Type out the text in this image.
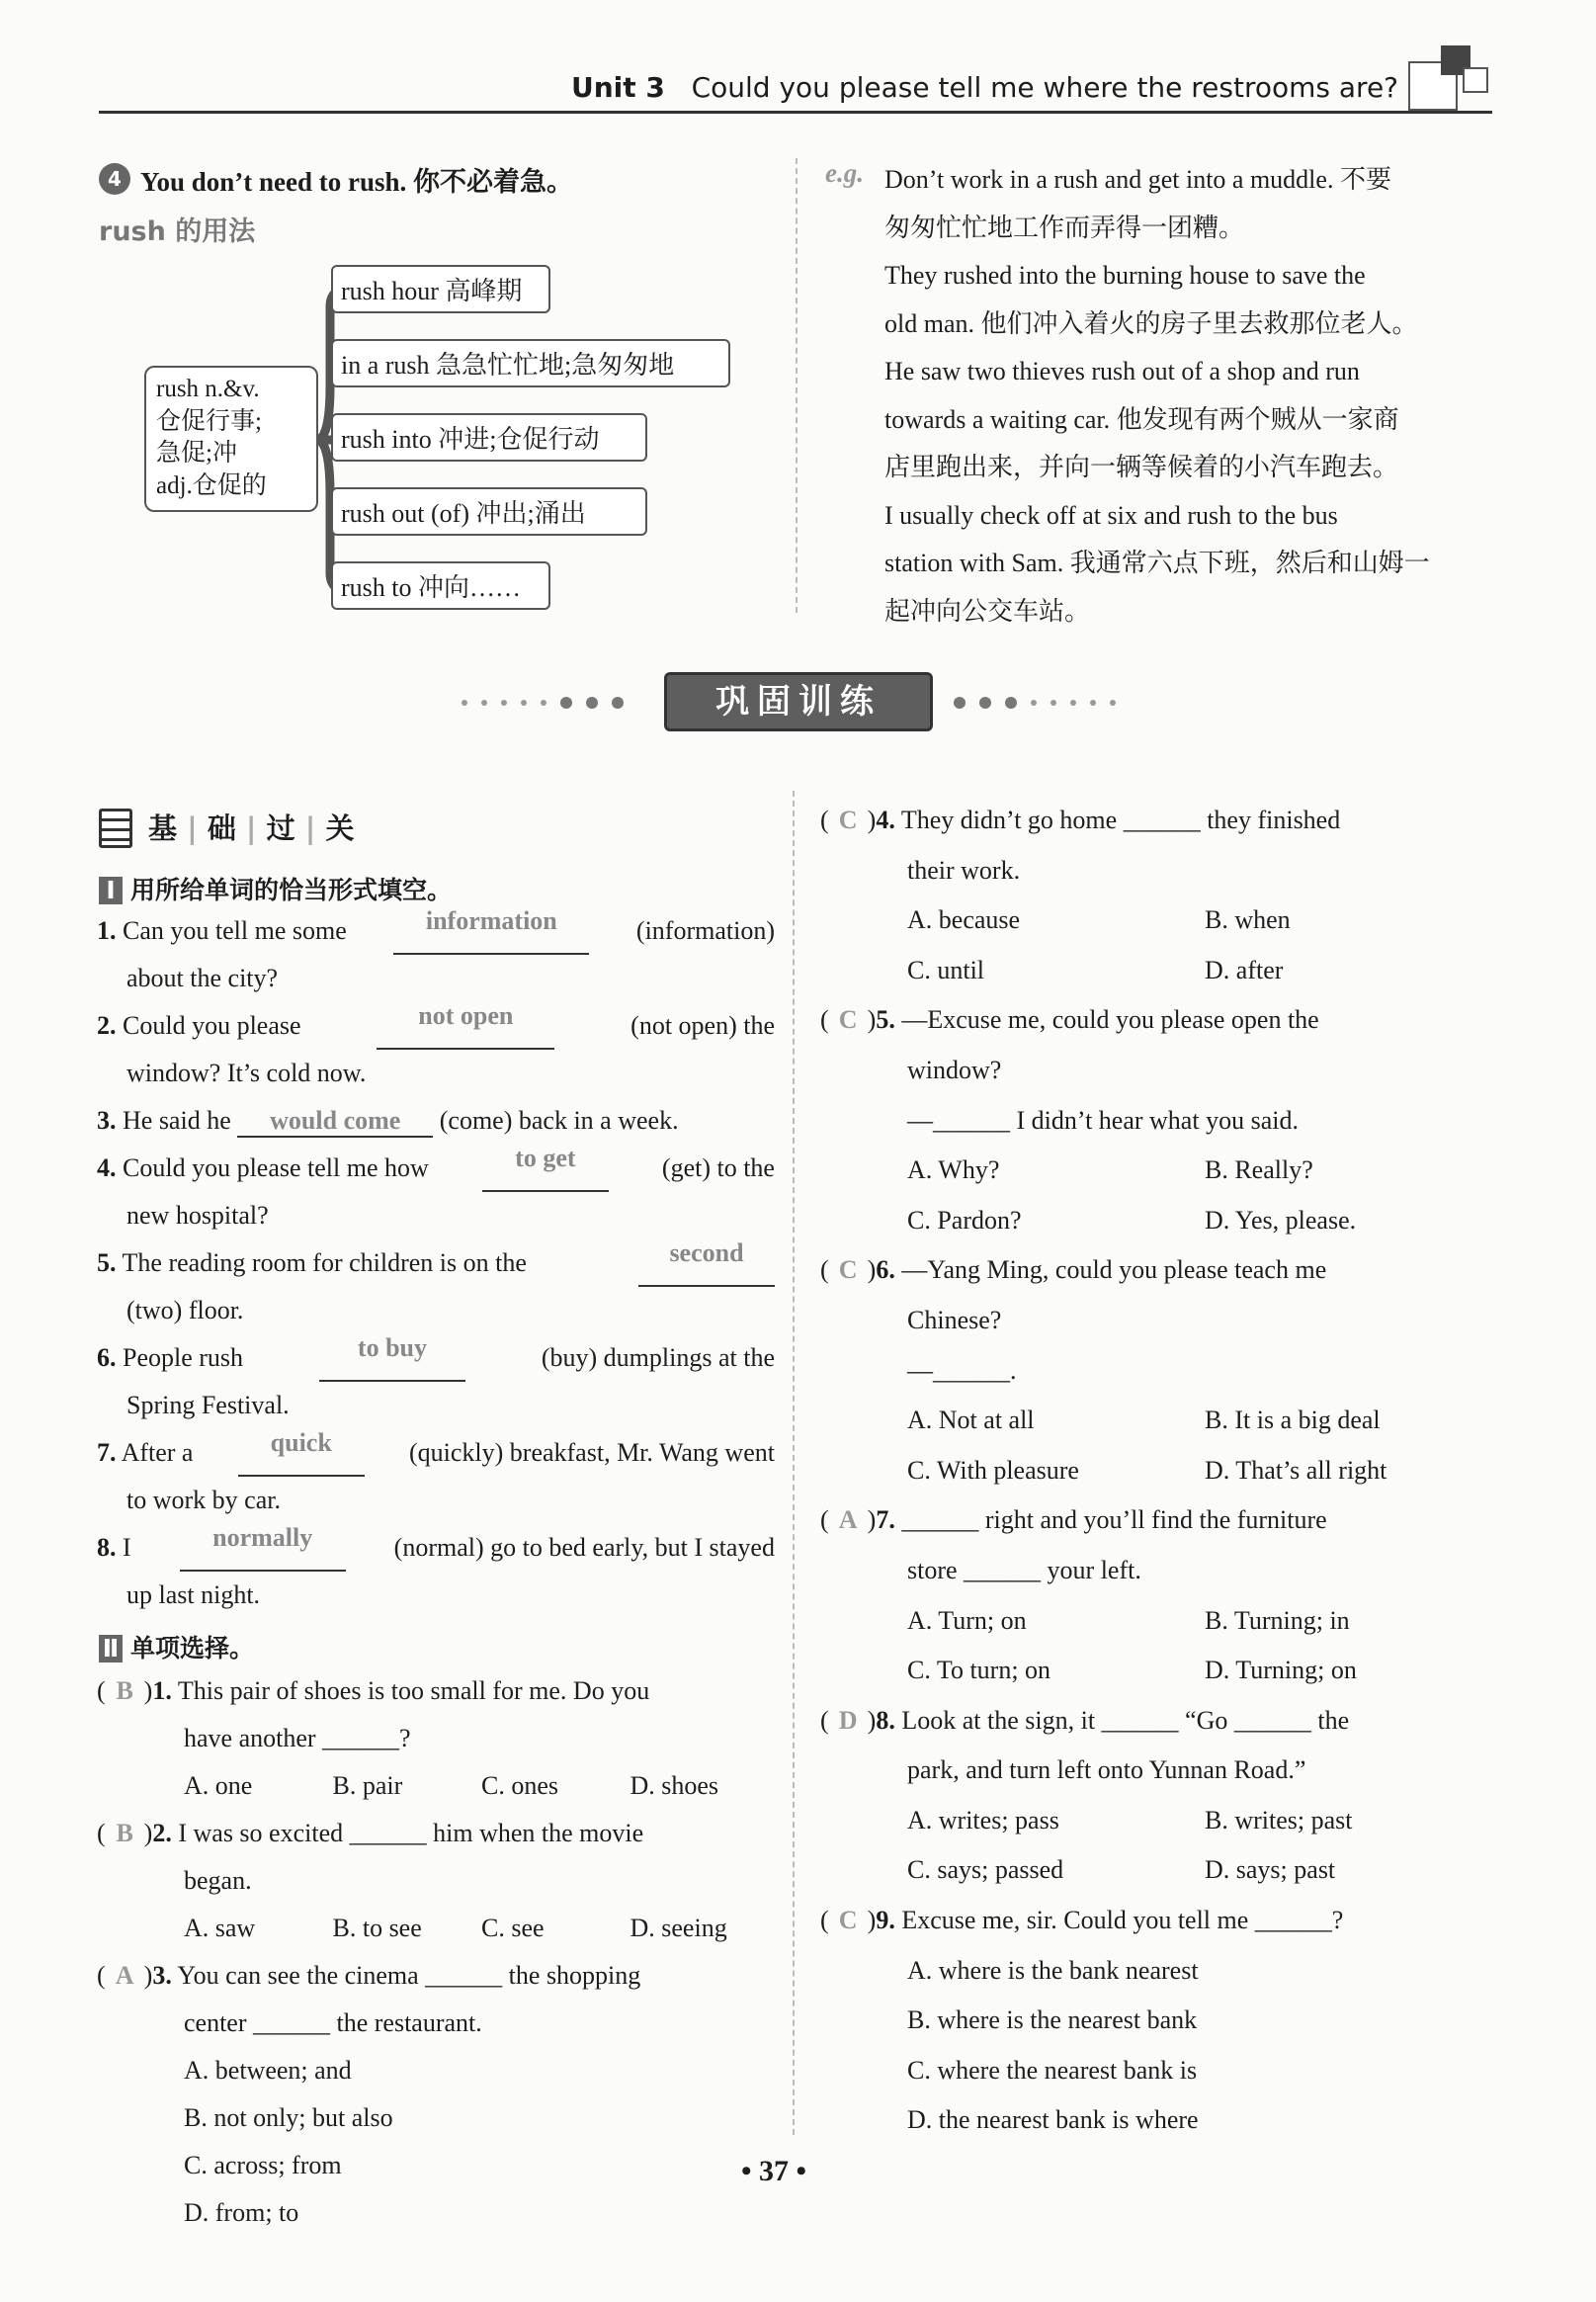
Unit 3 Could you please tell me where the restrooms are?
4 You don’t need to rush. 你不必着急。
rush 的用法
rush n.&v.
仓促行事;
急促;冲
adj.仓促的
rush hour 高峰期
in a rush 急急忙忙地;急匆匆地
rush into 冲进;仓促行动
rush out (of) 冲出;涌出
rush to 冲向……
e.g. Don’t work in a rush and get into a muddle. 不要
匆匆忙忙地工作而弄得一团糟。
They rushed into the burning house to save the
old man. 他们冲入着火的房子里去救那位老人。
He saw two thieves rush out of a shop and run
towards a waiting car. 他发现有两个贼从一家商
店里跑出来，并向一辆等候着的小汽车跑去。
I usually check off at six and rush to the bus
station with Sam. 我通常六点下班，然后和山姆一
起冲向公交车站。
巩固训练
基 | 础 | 过 | 关
Ⅰ 用所给单词的恰当形式填空。
1. Can you tell me some	information	(information)
about the city?
2. Could you please	not open	(not open) the
window? It’s cold now.
3. He said he would come (come) back in a week.
4. Could you please tell me how	to get	(get) to the
new hospital?
5. The reading room for children is on the	second
(two) floor.
6. People rush	to buy	(buy) dumplings at the
Spring Festival.
7. After a	quick	(quickly) breakfast, Mr. Wang went
to work by car.
8. I	normally	(normal) go to bed early, but I stayed
up last night.
Ⅱ 单项选择。
( B )1. This pair of shoes is too small for me. Do you
have another ______?
A. one	B. pair	C. ones	D. shoes
( B )2. I was so excited ______ him when the movie
began.
A. saw	B. to see	C. see	D. seeing
( A )3. You can see the cinema ______ the shopping
center ______ the restaurant.
A. between; and
B. not only; but also
C. across; from
D. from; to
( C )4. They didn’t go home ______ they finished
their work.
A. because	B. when
C. until	D. after
( C )5. —Excuse me, could you please open the
window?
—______ I didn’t hear what you said.
A. Why?	B. Really?
C. Pardon?	D. Yes, please.
( C )6. —Yang Ming, could you please teach me
Chinese?
—______.
A. Not at all	B. It is a big deal
C. With pleasure	D. That’s all right
( A )7. ______ right and you’ll find the furniture
store ______ your left.
A. Turn; on	B. Turning; in
C. To turn; on	D. Turning; on
( D )8. Look at the sign, it ______ “Go ______ the
park, and turn left onto Yunnan Road.”
A. writes; pass	B. writes; past
C. says; passed	D. says; past
( C )9. Excuse me, sir. Could you tell me ______?
A. where is the bank nearest
B. where is the nearest bank
C. where the nearest bank is
D. the nearest bank is where
• 37 •
